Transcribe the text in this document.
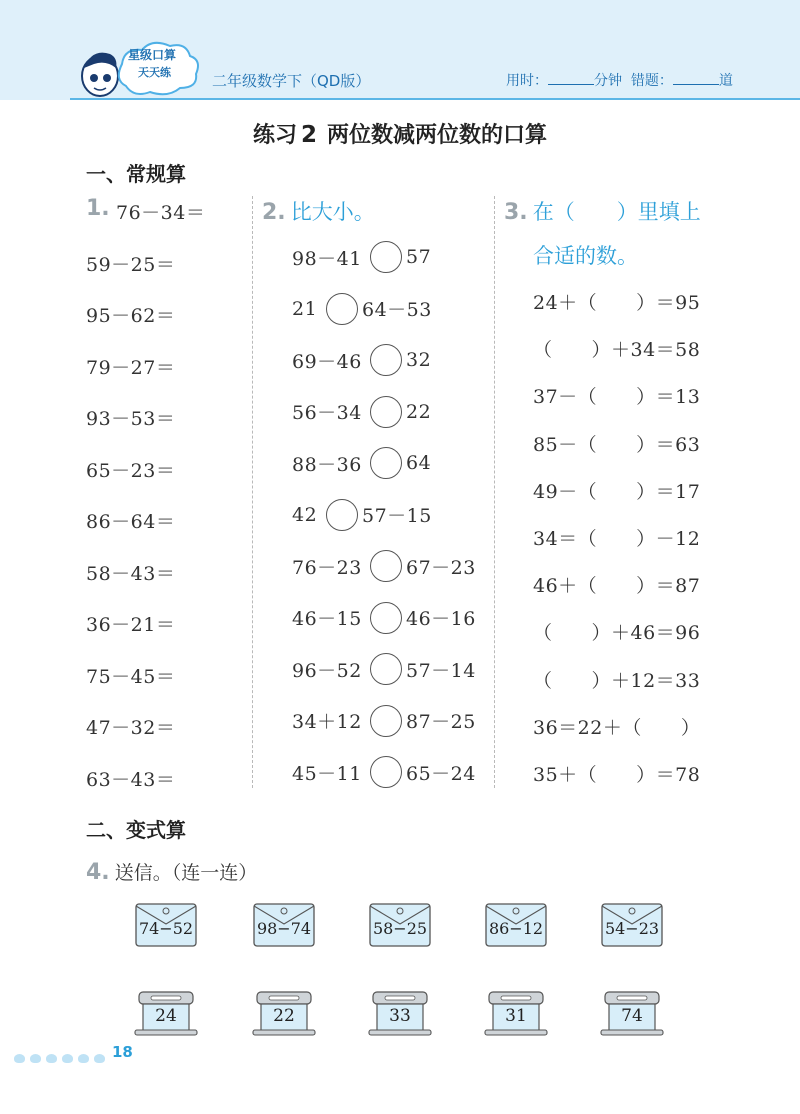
星级口算
天天练	二年级数学下（QD版）	用时：	分钟 错题：	道
练习 2 两位数减两位数的口算
一、常规算
1.	2. 比大小。	3. 在（　　）里填上
合适的数。
二、变式算
4. 送信。（连一连）
18
76－34＝
59－25＝
95－62＝
79－27＝
93－53＝
65－23＝
86－64＝
58－43＝
36－21＝
75－45＝
47－32＝
63－43＝
98－41 57
21 64－53
69－46 32
56－34 22
88－36 64
42 57－15
76－23 67－23
46－15 46－16
96－52 57－14
34＋12 87－25
45－11 65－24
24＋（　　）＝95
（　　）＋34＝58
37－（　　）＝13
85－（　　）＝63
49－（　　）＝17
34＝（　　）－12
46＋（　　）＝87
（　　）＋46＝96
（　　）＋12＝33
36＝22＋（　　）
35＋（　　）＝78
74−52	98−74	58−25	86−12	54−23
24	22	33	31	74
